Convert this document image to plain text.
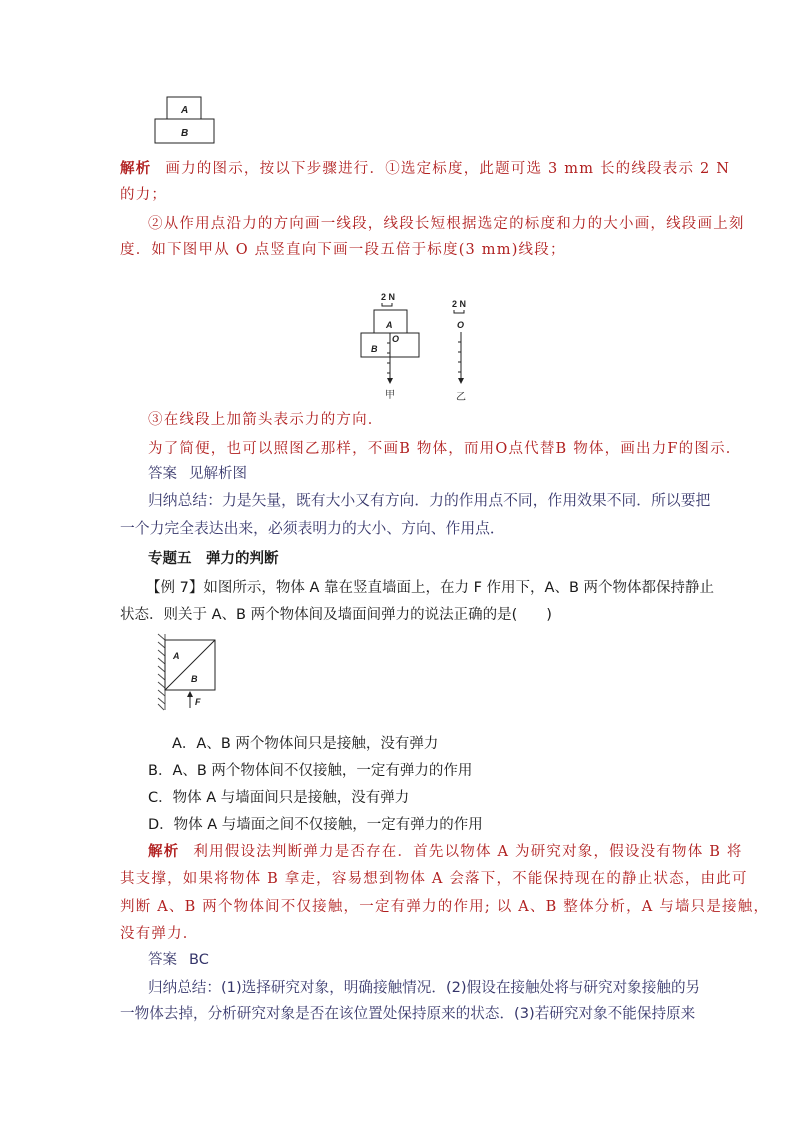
A
B
解析 画力的图示，按以下步骤进行．①选定标度，此题可选 3 mm 长的线段表示 2 N
的力；
②从作用点沿力的方向画一线段，线段长短根据选定的标度和力的大小画，线段画上刻
度．如下图甲从 O 点竖直向下画一段五倍于标度(3 mm)线段；
2 N
A
B
O
甲
2 N
O
乙
③在线段上加箭头表示力的方向．
为了简便，也可以照图乙那样，不画B 物体，而用O点代替B 物体，画出力F的图示．
答案 见解析图
归纳总结：力是矢量，既有大小又有方向．力的作用点不同，作用效果不同．所以要把
一个力完全表达出来，必须表明力的大小、方向、作用点．
专题五　弹力的判断
【例 7】如图所示，物体 A 靠在竖直墙面上，在力 F 作用下，A、B 两个物体都保持静止
状态．则关于 A、B 两个物体间及墙面间弹力的说法正确的是(　　)
A
B
F
A．A、B 两个物体间只是接触，没有弹力
B．A、B 两个物体间不仅接触，一定有弹力的作用
C．物体 A 与墙面间只是接触，没有弹力
D．物体 A 与墙面之间不仅接触，一定有弹力的作用
解析 利用假设法判断弹力是否存在．首先以物体 A 为研究对象，假设没有物体 B 将
其支撑，如果将物体 B 拿走，容易想到物体 A 会落下，不能保持现在的静止状态，由此可
判断 A、B 两个物体间不仅接触，一定有弹力的作用; 以 A、B 整体分析，A 与墙只是接触，
没有弹力．
答案 BC
归纳总结：(1)选择研究对象，明确接触情况．(2)假设在接触处将与研究对象接触的另
一物体去掉，分析研究对象是否在该位置处保持原来的状态．(3)若研究对象不能保持原来
